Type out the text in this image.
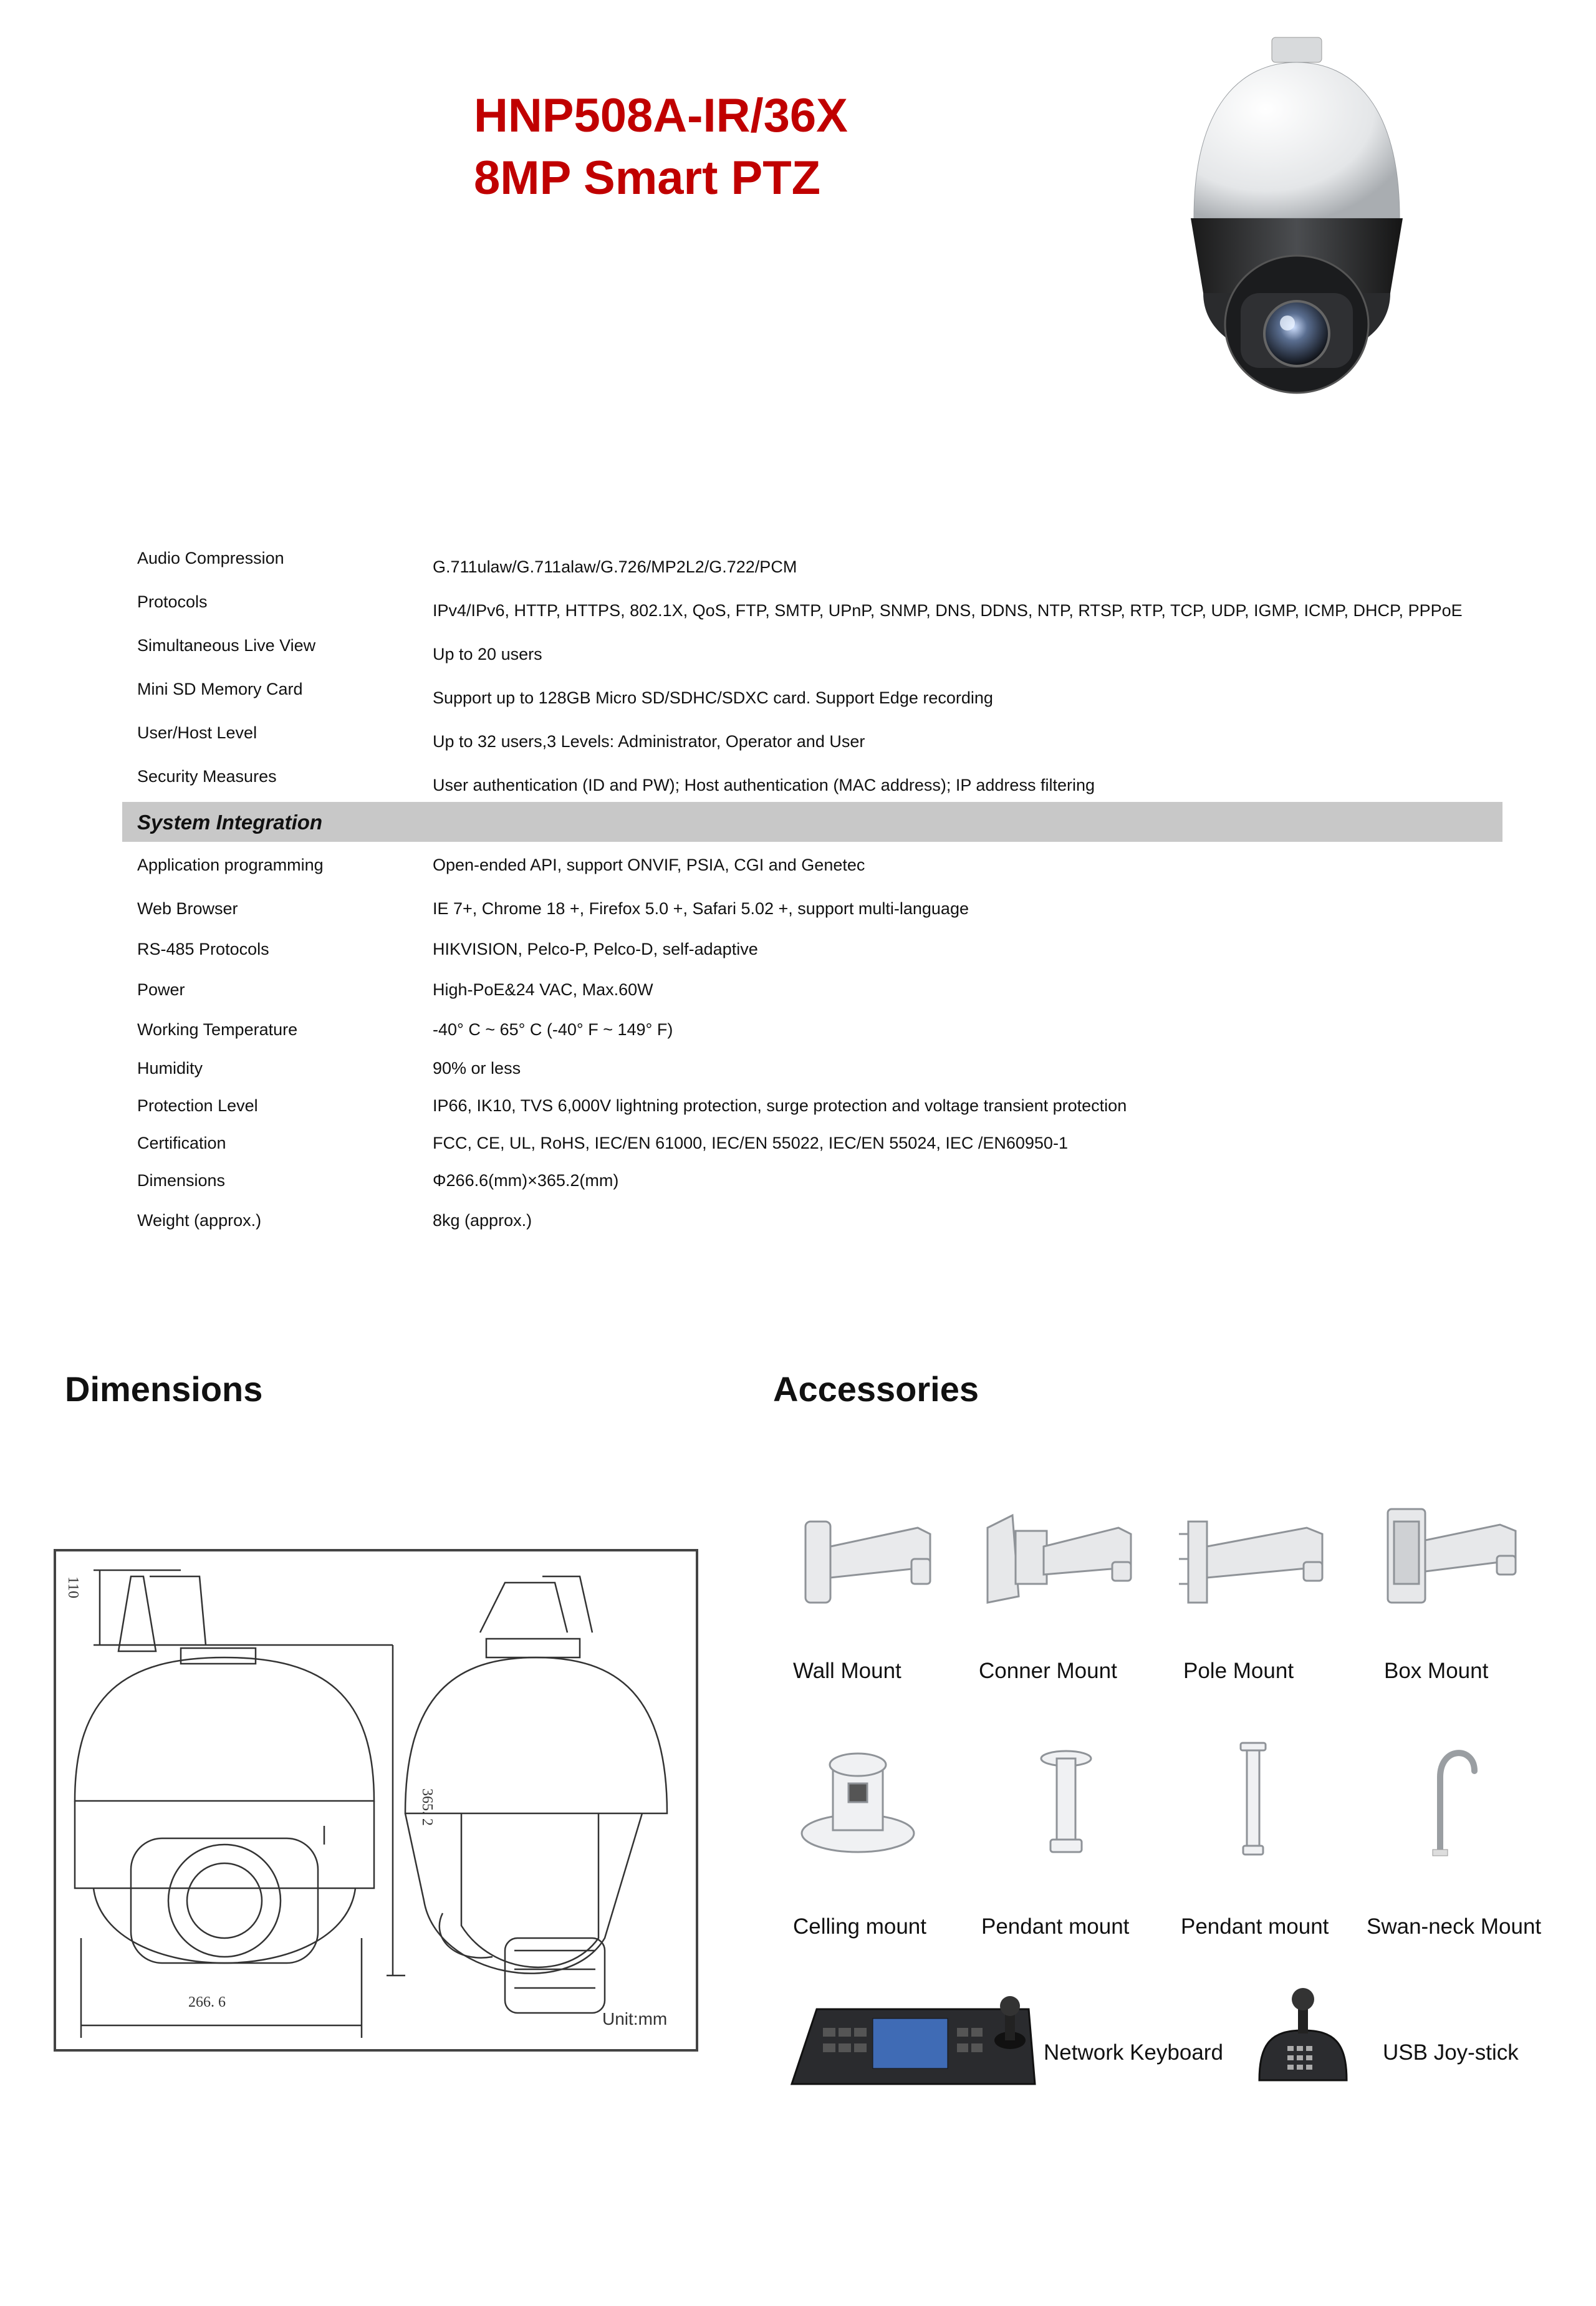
HNP508A-IR/36X
8MP Smart PTZ
Audio Compression	G.711ulaw/G.711alaw/G.726/MP2L2/G.722/PCM
Protocols	IPv4/IPv6, HTTP, HTTPS, 802.1X, QoS, FTP, SMTP, UPnP, SNMP, DNS, DDNS, NTP, RTSP, RTP, TCP, UDP, IGMP, ICMP, DHCP, PPPoE
Simultaneous Live View	Up to 20 users
Mini SD Memory Card	Support up to 128GB Micro SD/SDHC/SDXC card. Support Edge recording
User/Host Level	Up to 32 users,3 Levels: Administrator, Operator and User
Security Measures	User authentication (ID and PW); Host authentication (MAC address); IP address filtering
System Integration
Application programming	Open-ended API, support ONVIF, PSIA, CGI and Genetec
Web Browser	IE 7+, Chrome 18 +, Firefox 5.0 +, Safari 5.02 +, support multi-language
RS-485 Protocols	HIKVISION, Pelco-P, Pelco-D, self-adaptive
Power	High-PoE&24 VAC, Max.60W
Working Temperature	-40° C ~ 65° C (-40° F ~ 149° F)
Humidity	90% or less
Protection Level	IP66, IK10, TVS 6,000V lightning protection, surge protection and voltage transient protection
Certification	FCC, CE, UL, RoHS, IEC/EN 61000, IEC/EN 55022, IEC/EN 55024, IEC /EN60950-1
Dimensions	Φ266.6(mm)×365.2(mm)
Weight (approx.)	8kg (approx.)
Dimensions	Accessories
110
365. 2
266. 6
Unit:mm
Wall Mount	Conner Mount	Pole Mount	Box Mount
Celling mount	Pendant mount Pendant mount Swan-neck Mount
Network Keyboard	USB Joy-stick
